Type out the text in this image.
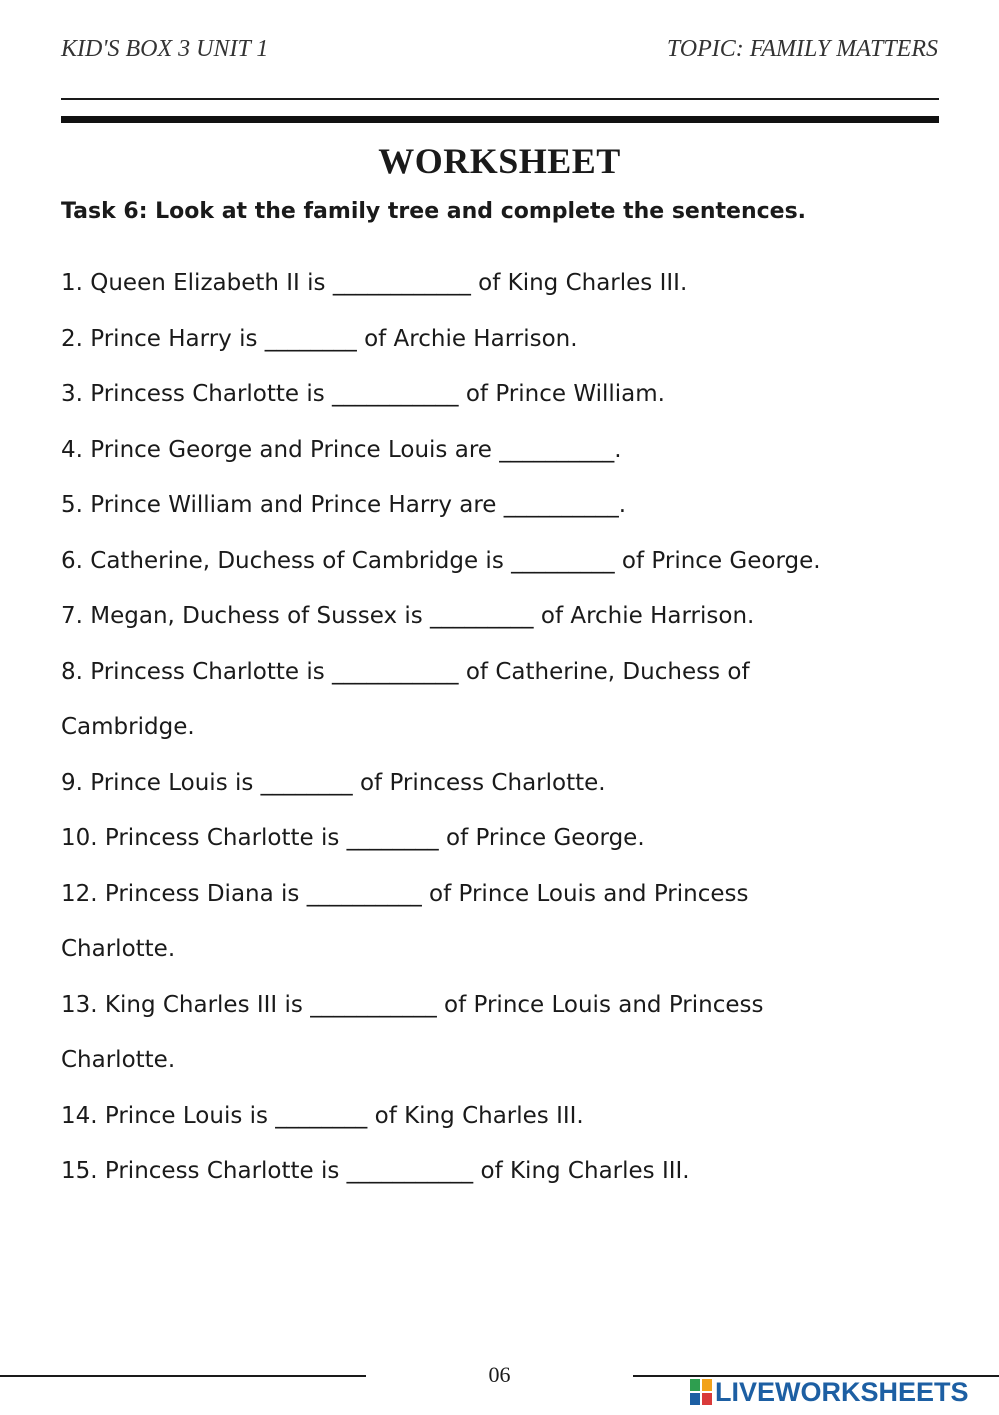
KID'S BOX 3 UNIT 1	TOPIC: FAMILY MATTERS
WORKSHEET
Task 6: Look at the family tree and complete the sentences.
1. Queen Elizabeth II is ____________ of King Charles III.
2. Prince Harry is ________ of Archie Harrison.
3. Princess Charlotte is ___________ of Prince William.
4. Prince George and Prince Louis are __________.
5. Prince William and Prince Harry are __________.
6. Catherine, Duchess of Cambridge is _________ of Prince George.
7. Megan, Duchess of Sussex is _________ of Archie Harrison.
8. Princess Charlotte is ___________ of Catherine, Duchess of
Cambridge.
9. Prince Louis is ________ of Princess Charlotte.
10. Princess Charlotte is ________ of Prince George.
12. Princess Diana is __________ of Prince Louis and Princess
Charlotte.
13. King Charles III is ___________ of Prince Louis and Princess
Charlotte.
14. Prince Louis is ________ of King Charles III.
15. Princess Charlotte is ___________ of King Charles III.
06
LIVEWORKSHEETS
